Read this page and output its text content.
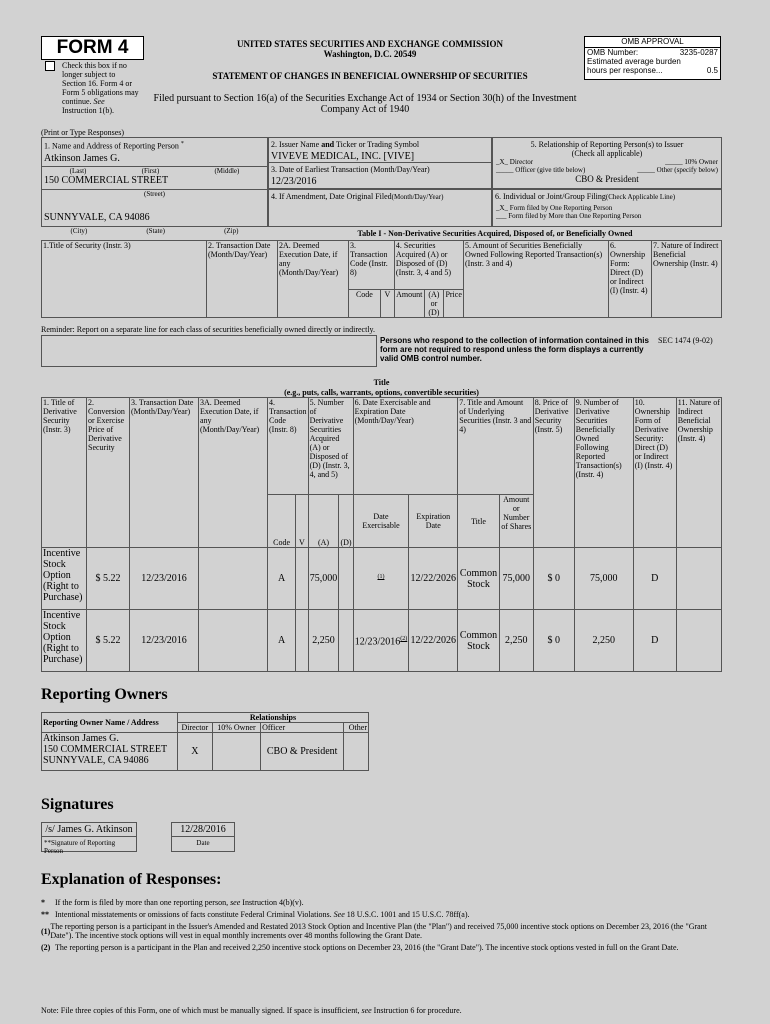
FORM 4
Check this box if no longer subject to Section 16. Form 4 or Form 5 obligations may continue. See Instruction 1(b).
UNITED STATES SECURITIES AND EXCHANGE COMMISSION
Washington, D.C. 20549
STATEMENT OF CHANGES IN BENEFICIAL OWNERSHIP OF SECURITIES
Filed pursuant to Section 16(a) of the Securities Exchange Act of 1934 or Section 30(h) of the Investment Company Act of 1940
OMB APPROVAL
OMB Number:	3235-0287
Estimated average burden
hours per response...	0.5
(Print or Type Responses)
1. Name and Address of Reporting Person *
Atkinson James G.
(Last)	(First)	(Middle)
150 COMMERCIAL STREET
(Street)
SUNNYVALE, CA 94086
(City)	(State)	(Zip)
2. Issuer Name and Ticker or Trading Symbol
VIVEVE MEDICAL, INC. [VIVE]
3. Date of Earliest Transaction (Month/Day/Year)
12/23/2016
4. If Amendment, Date Original Filed(Month/Day/Year)
5. Relationship of Reporting Person(s) to Issuer
(Check all applicable)
_X_ Director	_____ 10% Owner
_____ Officer (give title below)	_____ Other (specify below)
CBO & President
6. Individual or Joint/Group Filing(Check Applicable Line)
_X_ Form filed by One Reporting Person
___ Form filed by More than One Reporting Person
Table I - Non-Derivative Securities Acquired, Disposed of, or Beneficially Owned
1.Title of Security (Instr. 3)	2. Transaction Date (Month/Day/Year)	2A. Deemed Execution Date, if any (Month/Day/Year)	3. Transaction Code (Instr. 8)		4. Securities Acquired (A) or Disposed of (D) (Instr. 3, 4 and 5)			5. Amount of Securities Beneficially Owned Following Reported Transaction(s) (Instr. 3 and 4)	6. Ownership Form: Direct (D) or Indirect (I) (Instr. 4)	7. Nature of Indirect Beneficial Ownership (Instr. 4)
			Code	V	Amount	(A) or (D)	Price			
Reminder: Report on a separate line for each class of securities beneficially owned directly or indirectly.
Persons who respond to the collection of information contained in this form are not required to respond unless the form displays a currently valid OMB control number.
SEC 1474 (9-02)
Title
(e.g., puts, calls, warrants, options, convertible securities)
1. Title of Derivative Security (Instr. 3)	2. Conversion or Exercise Price of Derivative Security	3. Transaction Date (Month/Day/Year)	3A. Deemed Execution Date, if any (Month/Day/Year)	4. Transaction Code (Instr. 8)		5. Number of Derivative Securities Acquired (A) or Disposed of (D) (Instr. 3, 4, and 5)		6. Date Exercisable and Expiration Date (Month/Day/Year)		7. Title and Amount of Underlying Securities (Instr. 3 and 4)		8. Price of Derivative Security (Instr. 5)	9. Number of Derivative Securities Beneficially Owned Following Reported Transaction(s) (Instr. 4)	10. Ownership Form of Derivative Security: Direct (D) or Indirect (I) (Instr. 4)	11. Nature of Indirect Beneficial Ownership (Instr. 4)
				Code	V	(A)	(D)	Date Exercisable	Expiration Date	Title	Amount or Number of Shares				
Incentive Stock Option (Right to Purchase)	$ 5.22	12/23/2016		A		75,000		$^{(1)}$	12/22/2026	Common Stock	75,000	$ 0	75,000	D	
Incentive Stock Option (Right to Purchase)	$ 5.22	12/23/2016		A		2,250		12/23/2016$^{(2)}$	12/22/2026	Common Stock	2,250	$ 0	2,250	D	
Reporting Owners
Reporting Owner Name / Address	Relationships			
	Director	10% Owner	Officer	Other

Atkinson James G.
150 COMMERCIAL STREET
SUNNYVALE, CA 94086	X		CBO & President	
Signatures
/s/ James G. Atkinson
**Signature of Reporting Person
12/28/2016
Date
Explanation of Responses:
*	If the form is filed by more than one reporting person, see Instruction 4(b)(v).
** Intentional misstatements or omissions of facts constitute Federal Criminal Violations. See 18 U.S.C. 1001 and 15 U.S.C. 78ff(a).
(1) The reporting person is a participant in the Issuer's Amended and Restated 2013 Stock Option and Incentive Plan (the "Plan") and received 75,000 incentive stock options on December 23, 2016 (the "Grant Date"). The incentive stock options will vest in equal monthly increments over 48 months following the Grant Date.
(2) The reporting person is a participant in the Plan and received 2,250 incentive stock options on December 23, 2016 (the "Grant Date"). The incentive stock options vested in full on the Grant Date.
Note: File three copies of this Form, one of which must be manually signed. If space is insufficient, see Instruction 6 for procedure.
